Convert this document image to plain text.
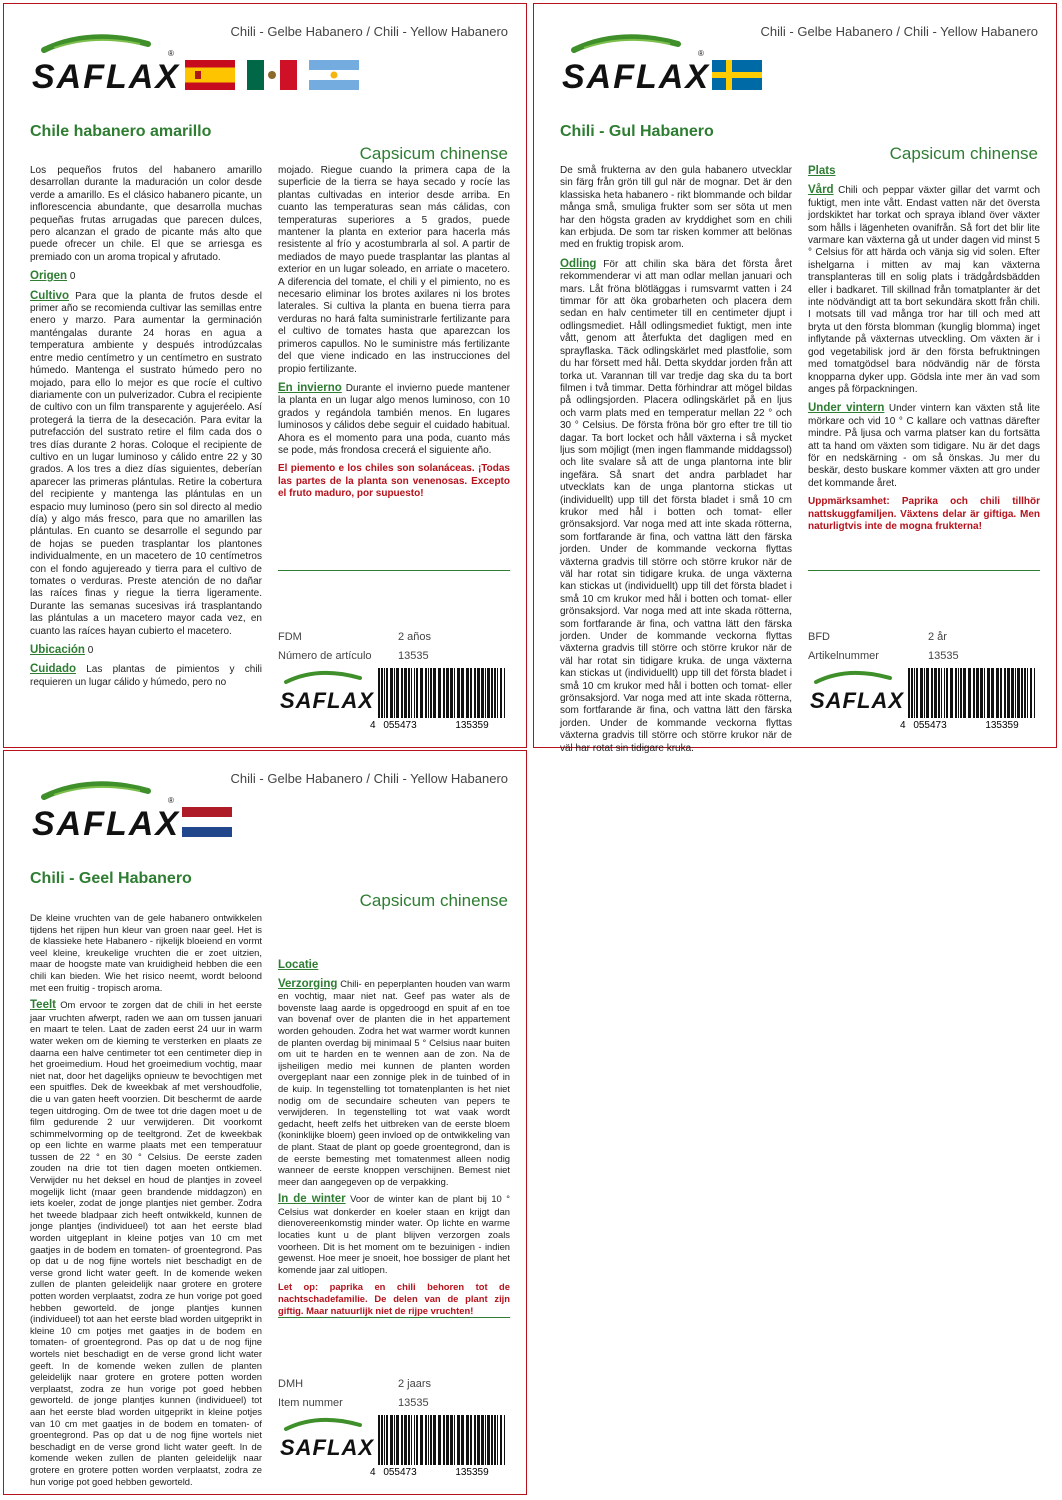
Chili - Gelbe Habanero / Chili - Yellow Habanero
SAFLAX
®
Chile habanero amarillo
Capsicum chinense

Los pequeños frutos del habanero amarillo desarrollan durante la maduración un color desde verde a amarillo. Es el clásico habanero picante, un inflorescencia abundante, que desarrolla muchas pequeñas frutas arrugadas que parecen dulces, pero alcanzan el grado de picante más alto que puede ofrecer un chile. El que se arriesga es premiado con un aroma tropical y afrutado.

Origen 0

Cultivo Para que la planta de frutos desde el primer año se recomienda cultivar las semillas entre enero y marzo. Para aumentar la germinación manténgalas durante 24 horas en agua a temperatura ambiente y después introdúzcalas entre medio centímetro y un centímetro en sustrato húmedo. Mantenga el sustrato húmedo pero no mojado, para ello lo mejor es que rocíe el cultivo diariamente con un pulverizador. Cubra el recipiente de cultivo con un film transparente y agujeréelo. Así protegerá la tierra de la desecación. Para evitar la putrefacción del sustrato retire el film cada dos o tres días durante 2 horas. Coloque el recipiente de cultivo en un lugar luminoso y cálido entre 22 y 30 grados. A los tres a diez días siguientes, deberían aparecer las primeras plántulas. Retire la cobertura del recipiente y mantenga las plántulas en un espacio muy luminoso (pero sin sol directo al medio día) y algo más fresco, para que no amarillen las plántulas. En cuanto se desarrolle el segundo par de hojas se pueden trasplantar los plantones individualmente, en un macetero de 10 centímetros con el fondo agujereado y tierra para el cultivo de tomates o verduras. Preste atención de no dañar las raíces finas y riegue la tierra ligeramente. Durante las semanas sucesivas irá trasplantando las plántulas a un macetero mayor cada vez, en cuanto las raíces hayan cubierto el macetero.

Ubicación 0

Cuidado Las plantas de pimientos y chili requieren un lugar cálido y húmedo, pero no

mojado. Riegue cuando la primera capa de la superficie de la tierra se haya secado y rocíe las plantas cultivadas en interior desde arriba. En cuanto las temperaturas sean más cálidas, con temperaturas superiores a 5 grados, puede mantener la planta en exterior para hacerla más resistente al frío y acostumbrarla al sol. A partir de mediados de mayo puede trasplantar las plantas al exterior en un lugar soleado, en arriate o macetero. A diferencia del tomate, el chili y el pimiento, no es necesario eliminar los brotes axilares ni los brotes laterales. Si cultiva la planta en buena tierra para verduras no hará falta suministrarle fertilizante para el cultivo de tomates hasta que aparezcan los primeros capullos. No le suministre más fertilizante del que viene indicado en las instrucciones del propio fertilizante.

En invierno Durante el invierno puede mantener la planta en un lugar algo menos luminoso, con 10 grados y regándola también menos. En lugares luminosos y cálidos debe seguir el cuidado habitual. Ahora es el momento para una poda, cuanto más se pode, más frondosa crecerá el siguiente año.

El piemento e los chiles son solanáceas. ¡Todas las partes de la planta son venenosas. Excepto el fruto maduro, por supuesto!

FDM	2 años
Número de artículo 13535
SAFLAX
4 055473	135359
Chili - Gelbe Habanero / Chili - Yellow Habanero
SAFLAX
®
Chili - Gul Habanero
Capsicum chinense

De små frukterna av den gula habanero utvecklar sin färg från grön till gul när de mognar. Det är den klassiska heta habanero - rikt blommande och bildar många små, smuliga frukter som ser söta ut men har den högsta graden av kryddighet som en chili kan erbjuda. De som tar risken kommer att belönas med en fruktig tropisk arom.

Odling För att chilin ska bära det första året rekommenderar vi att man odlar mellan januari och mars. Låt fröna blötläggas i rumsvarmt vatten i 24 timmar för att öka grobarheten och placera dem sedan en halv centimeter till en centimeter djupt i odlingsmediet. Håll odlingsmediet fuktigt, men inte vått, genom att återfukta det dagligen med en sprayflaska. Täck odlingskärlet med plastfolie, som du har försett med hål. Detta skyddar jorden från att torka ut. Varannan till var tredje dag ska du ta bort filmen i två timmar. Detta förhindrar att mögel bildas på odlingsjorden. Placera odlingskärlet på en ljus och varm plats med en temperatur mellan 22 ° och 30 ° Celsius. De första fröna bör gro efter tre till tio dagar. Ta bort locket och håll växterna i så mycket ljus som möjligt (men ingen flammande middagssol) och lite svalare så att de unga plantorna inte blir ingefära. Så snart det andra parbladet har utvecklats kan de unga plantorna stickas ut (individuellt) upp till det första bladet i små 10 cm krukor med hål i botten och tomat- eller grönsaksjord. Var noga med att inte skada rötterna, som fortfarande är fina, och vattna lätt den färska jorden. Under de kommande veckorna flyttas växterna gradvis till större och större krukor när de väl har rotat sin tidigare kruka. de unga växterna kan stickas ut (individuellt) upp till det första bladet i små 10 cm krukor med hål i botten och tomat- eller grönsaksjord. Var noga med att inte skada rötterna, som fortfarande är fina, och vattna lätt den färska jorden. Under de kommande veckorna flyttas växterna gradvis till större och större krukor när de väl har rotat sin tidigare kruka. de unga växterna kan stickas ut (individuellt) upp till det första bladet i små 10 cm krukor med hål i botten och tomat- eller grönsaksjord. Var noga med att inte skada rötterna, som fortfarande är fina, och vattna lätt den färska jorden. Under de kommande veckorna flyttas växterna gradvis till större och större krukor när de väl har rotat sin tidigare kruka.

Plats

Vård Chili och peppar växter gillar det varmt och fuktigt, men inte vått. Endast vatten när det översta jordskiktet har torkat och spraya ibland över växter som hålls i lägenheten ovanifrån. Så fort det blir lite varmare kan växterna gå ut under dagen vid minst 5 ° Celsius för att härda och vänja sig vid solen. Efter ishelgarna i mitten av maj kan växterna transplanteras till en solig plats i trädgårdsbädden eller i badkaret. Till skillnad från tomatplanter är det inte nödvändigt att ta bort sekundära skott från chili. I motsats till vad många tror har till och med att bryta ut den första blomman (kunglig blomma) inget inflytande på växternas utveckling. Om växten är i god vegetabilisk jord är den första befruktningen med tomatgödsel bara nödvändig när de första knopparna dyker upp. Gödsla inte mer än vad som anges på förpackningen.

Under vintern Under vintern kan växten stå lite mörkare och vid 10 ° C kallare och vattnas därefter mindre. På ljusa och varma platser kan du fortsätta att ta hand om växten som tidigare. Nu är det dags för en nedskärning - om så önskas. Ju mer du beskär, desto buskare kommer växten att gro under det kommande året.

Uppmärksamhet: Paprika och chili tillhör nattskuggfamiljen. Växtens delar är giftiga. Men naturligtvis inte de mogna frukterna!

BFD	2 år
Artikelnummer	13535
SAFLAX
4 055473	135359
Chili - Gelbe Habanero / Chili - Yellow Habanero
SAFLAX
®
Chili - Geel Habanero
Capsicum chinense

De kleine vruchten van de gele habanero ontwikkelen tijdens het rijpen hun kleur van groen naar geel. Het is de klassieke hete Habanero - rijkelijk bloeiend en vormt veel kleine, kreukelige vruchten die er zoet uitzien, maar de hoogste mate van kruidigheid hebben die een chili kan bieden. Wie het risico neemt, wordt beloond met een fruitig - tropisch aroma.

Teelt Om ervoor te zorgen dat de chili in het eerste jaar vruchten afwerpt, raden we aan om tussen januari en maart te telen. Laat de zaden eerst 24 uur in warm water weken om de kieming te versterken en plaats ze daarna een halve centimeter tot een centimeter diep in het groeimedium. Houd het groeimedium vochtig, maar niet nat, door het dagelijks opnieuw te bevochtigen met een spuitfles. Dek de kweekbak af met vershoudfolie, die u van gaten heeft voorzien. Dit beschermt de aarde tegen uitdroging. Om de twee tot drie dagen moet u de film gedurende 2 uur verwijderen. Dit voorkomt schimmelvorming op de teeltgrond. Zet de kweekbak op een lichte en warme plaats met een temperatuur tussen de 22 ° en 30 ° Celsius. De eerste zaden zouden na drie tot tien dagen moeten ontkiemen. Verwijder nu het deksel en houd de plantjes in zoveel mogelijk licht (maar geen brandende middagzon) en iets koeler, zodat de jonge plantjes niet gember. Zodra het tweede bladpaar zich heeft ontwikkeld, kunnen de jonge plantjes (individueel) tot aan het eerste blad worden uitgeplant in kleine potjes van 10 cm met gaatjes in de bodem en tomaten- of groentegrond. Pas op dat u de nog fijne wortels niet beschadigt en de verse grond licht water geeft. In de komende weken zullen de planten geleidelijk naar grotere en grotere potten worden verplaatst, zodra ze hun vorige pot goed hebben geworteld. de jonge plantjes kunnen (individueel) tot aan het eerste blad worden uitgeprikt in kleine 10 cm potjes met gaatjes in de bodem en tomaten- of groentegrond. Pas op dat u de nog fijne wortels niet beschadigt en de verse grond licht water geeft. In de komende weken zullen de planten geleidelijk naar grotere en grotere potten worden verplaatst, zodra ze hun vorige pot goed hebben geworteld. de jonge plantjes kunnen (individueel) tot aan het eerste blad worden uitgeprikt in kleine potjes van 10 cm met gaatjes in de bodem en tomaten- of groentegrond. Pas op dat u de nog fijne wortels niet beschadigt en de verse grond licht water geeft. In de komende weken zullen de planten geleidelijk naar grotere en grotere potten worden verplaatst, zodra ze hun vorige pot goed hebben geworteld.

Locatie

Verzorging Chili- en peperplanten houden van warm en vochtig, maar niet nat. Geef pas water als de bovenste laag aarde is opgedroogd en spuit af en toe van bovenaf over de planten die in het appartement worden gehouden. Zodra het wat warmer wordt kunnen de planten overdag bij minimaal 5 ° Celsius naar buiten om uit te harden en te wennen aan de zon. Na de ijsheiligen medio mei kunnen de planten worden overgeplant naar een zonnige plek in de tuinbed of in de kuip. In tegenstelling tot tomatenplanten is het niet nodig om de secundaire scheuten van pepers te verwijderen. In tegenstelling tot wat vaak wordt gedacht, heeft zelfs het uitbreken van de eerste bloem (koninklijke bloem) geen invloed op de ontwikkeling van de plant. Staat de plant op goede groentegrond, dan is de eerste bemesting met tomatenmest alleen nodig wanneer de eerste knoppen verschijnen. Bemest niet meer dan aangegeven op de verpakking.

In de winter Voor de winter kan de plant bij 10 ° Celsius wat donkerder en koeler staan en krijgt dan dienovereenkomstig minder water. Op lichte en warme locaties kunt u de plant blijven verzorgen zoals voorheen. Dit is het moment om te bezuinigen - indien gewenst. Hoe meer je snoeit, hoe bossiger de plant het komende jaar zal uitlopen.

Let op: paprika en chili behoren tot de nachtschadefamilie. De delen van de plant zijn giftig. Maar natuurlijk niet de rijpe vruchten!

DMH	2 jaars
Item nummer	13535
SAFLAX
4 055473	135359
